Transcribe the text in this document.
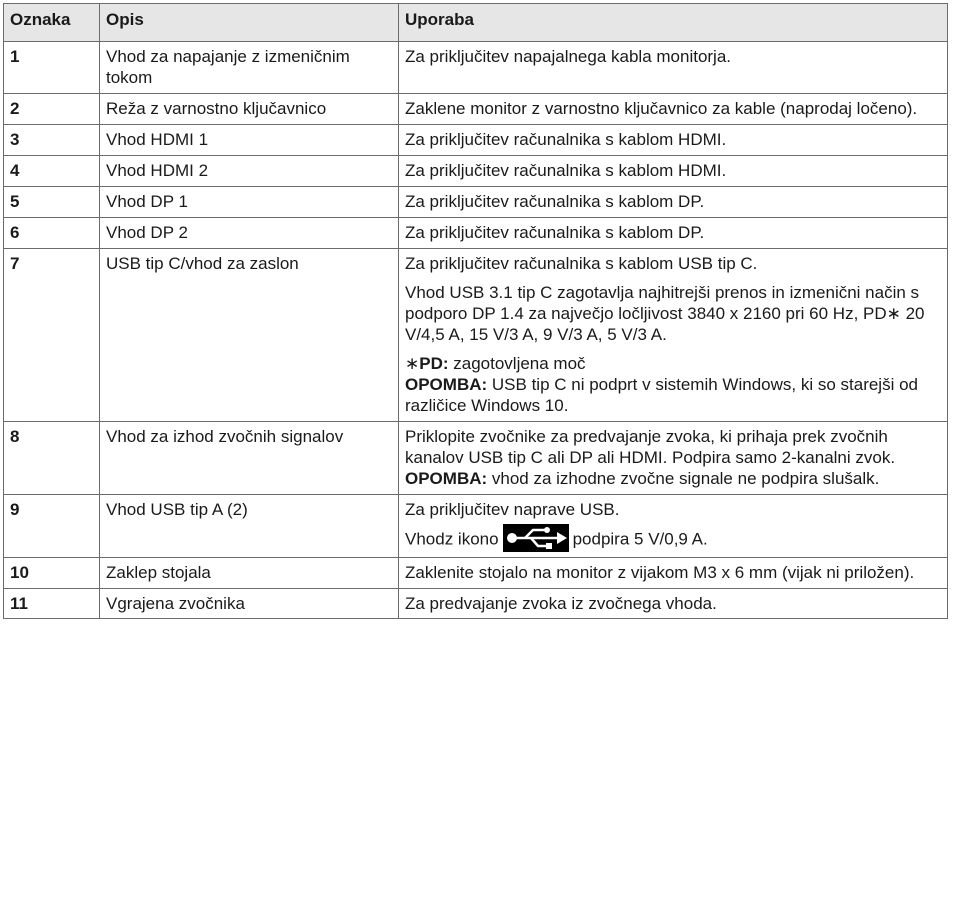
Oznaka	Opis	Uporaba
1	Vhod za napajanje z izmeničnim tokom	Za priključitev napajalnega kabla monitorja.

2	Reža z varnostno ključavnico	Zaklene monitor z varnostno ključavnico za kable (naprodaj ločeno).

3	Vhod HDMI 1	Za priključitev računalnika s kablom HDMI.

4	Vhod HDMI 2	Za priključitev računalnika s kablom HDMI.

5	Vhod DP 1	Za priključitev računalnika s kablom DP.

6	Vhod DP 2	Za priključitev računalnika s kablom DP.

7	USB tip C/vhod za zaslon	Za priključitev računalnika s kablom USB tip C.

Vhod USB 3.1 tip C zagotavlja najhitrejši prenos in izmenični način s podporo DP 1.4 za največjo ločljivost 3840 x 2160 pri 60 Hz, PD∗ 20 V/4,5 A, 15 V/3 A, 9 V/3 A, 5 V/3 A.

∗PD: zagotovljena moč
OPOMBA: USB tip C ni podprt v sistemih Windows, ki so starejši od različice Windows 10.

8	Vhod za izhod zvočnih signalov	Priklopite zvočnike za predvajanje zvoka, ki prihaja prek zvočnih kanalov USB tip C ali DP ali HDMI. Podpira samo 2-kanalni zvok.

OPOMBA: vhod za izhodne zvočne signale ne podpira slušalk.

9	Vhod USB tip A (2)	Za priključitev naprave USB.

Vhodz ikono podpira 5 V/0,9 A.

10	Zaklep stojala	Zaklenite stojalo na monitor z vijakom M3 x 6 mm (vijak ni priložen).

11	Vgrajena zvočnika	Za predvajanje zvoka iz zvočnega vhoda.
